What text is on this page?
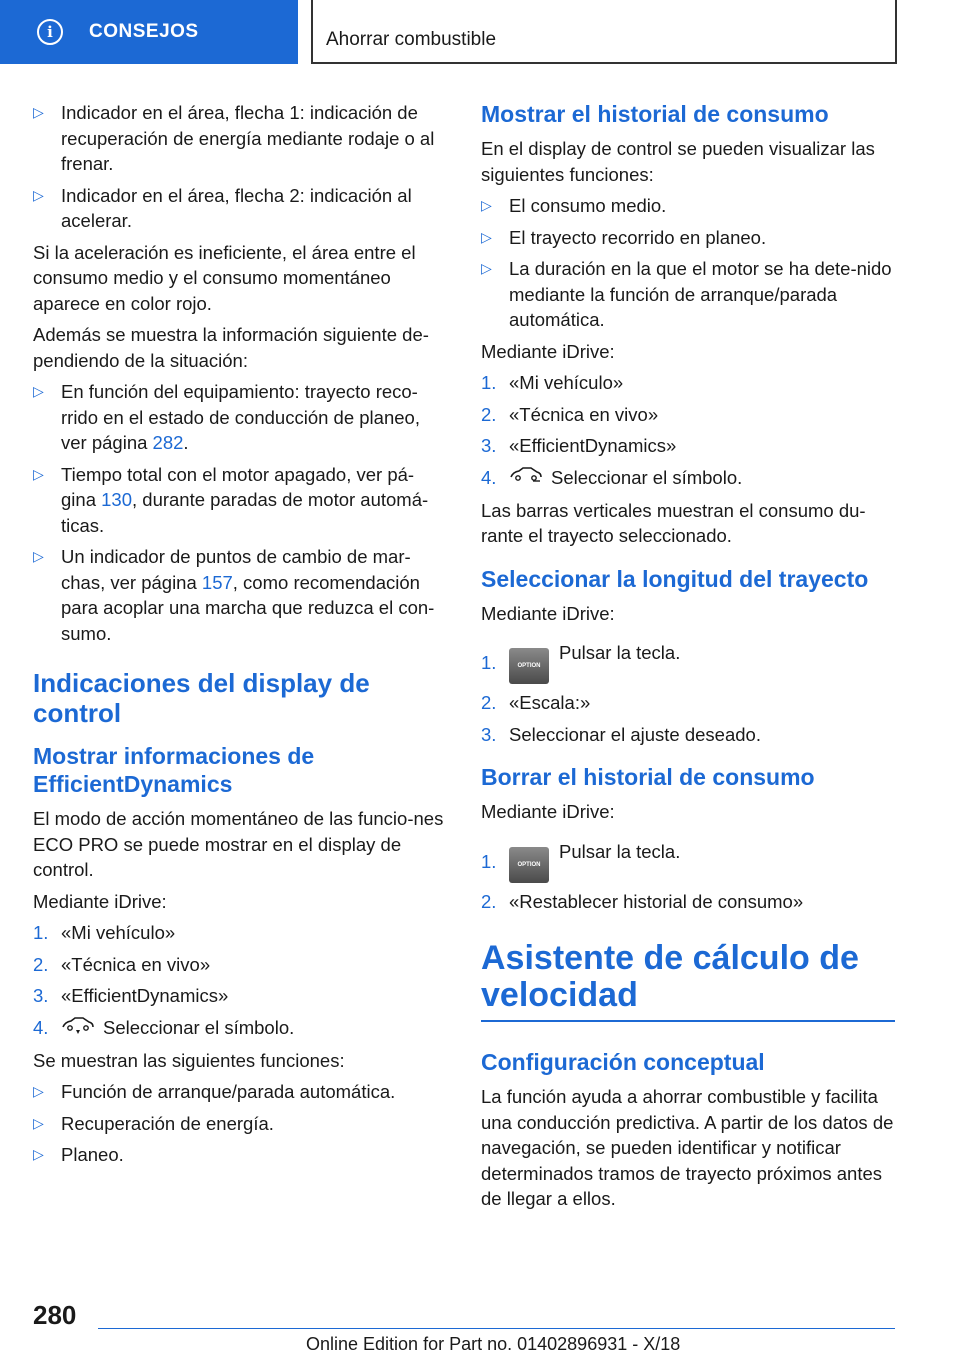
i	CONSEJOS	Ahorrar combustible
▷ Indicador en el área, flecha 1: indicación de recuperación de energía mediante rodaje o al frenar.
▷ Indicador en el área, flecha 2: indicación al acelerar.

Si la aceleración es ineficiente, el área entre el consumo medio y el consumo momentáneo aparece en color rojo.

Además se muestra la información siguiente de-pendiendo de la situación:

▷ En función del equipamiento: trayecto reco-rrido en el estado de conducción de planeo, ver página 282.
▷ Tiempo total con el motor apagado, ver pá-gina 130, durante paradas de motor automá-ticas.
▷ Un indicador de puntos de cambio de mar-chas, ver página 157, como recomendación para acoplar una marcha que reduzca el con-sumo.
Indicaciones del display de control
Mostrar informaciones de EfficientDynamics

El modo de acción momentáneo de las funcio-nes ECO PRO se puede mostrar en el display de control.

Mediante iDrive:

1. «Mi vehículo»
2. «Técnica en vivo»
3. «EfficientDynamics»
4.	Seleccionar el símbolo.

Se muestran las siguientes funciones:

▷ Función de arranque/parada automática.
▷ Recuperación de energía.
▷ Planeo.
Mostrar el historial de consumo

En el display de control se pueden visualizar las siguientes funciones:

▷ El consumo medio.
▷ El trayecto recorrido en planeo.
▷ La duración en la que el motor se ha dete-nido mediante la función de arranque/parada automática.

Mediante iDrive:

1. «Mi vehículo»
2. «Técnica en vivo»
3. «EfficientDynamics»
4.	Seleccionar el símbolo.

Las barras verticales muestran el consumo du-rante el trayecto seleccionado.

Seleccionar la longitud del trayecto

Mediante iDrive:

1.	OPTIONPulsar la tecla.
2. «Escala:»
3. Seleccionar el ajuste deseado.
Borrar el historial de consumo

Mediante iDrive:

1.	OPTIONPulsar la tecla.
2. «Restablecer historial de consumo»
Asistente de cálculo de velocidad
Configuración conceptual

La función ayuda a ahorrar combustible y facilita una conducción predictiva. A partir de los datos de navegación, se pueden identificar y notificar determinados tramos de trayecto próximos antes de llegar a ellos.

280
Online Edition for Part no. 01402896931 - X/18
